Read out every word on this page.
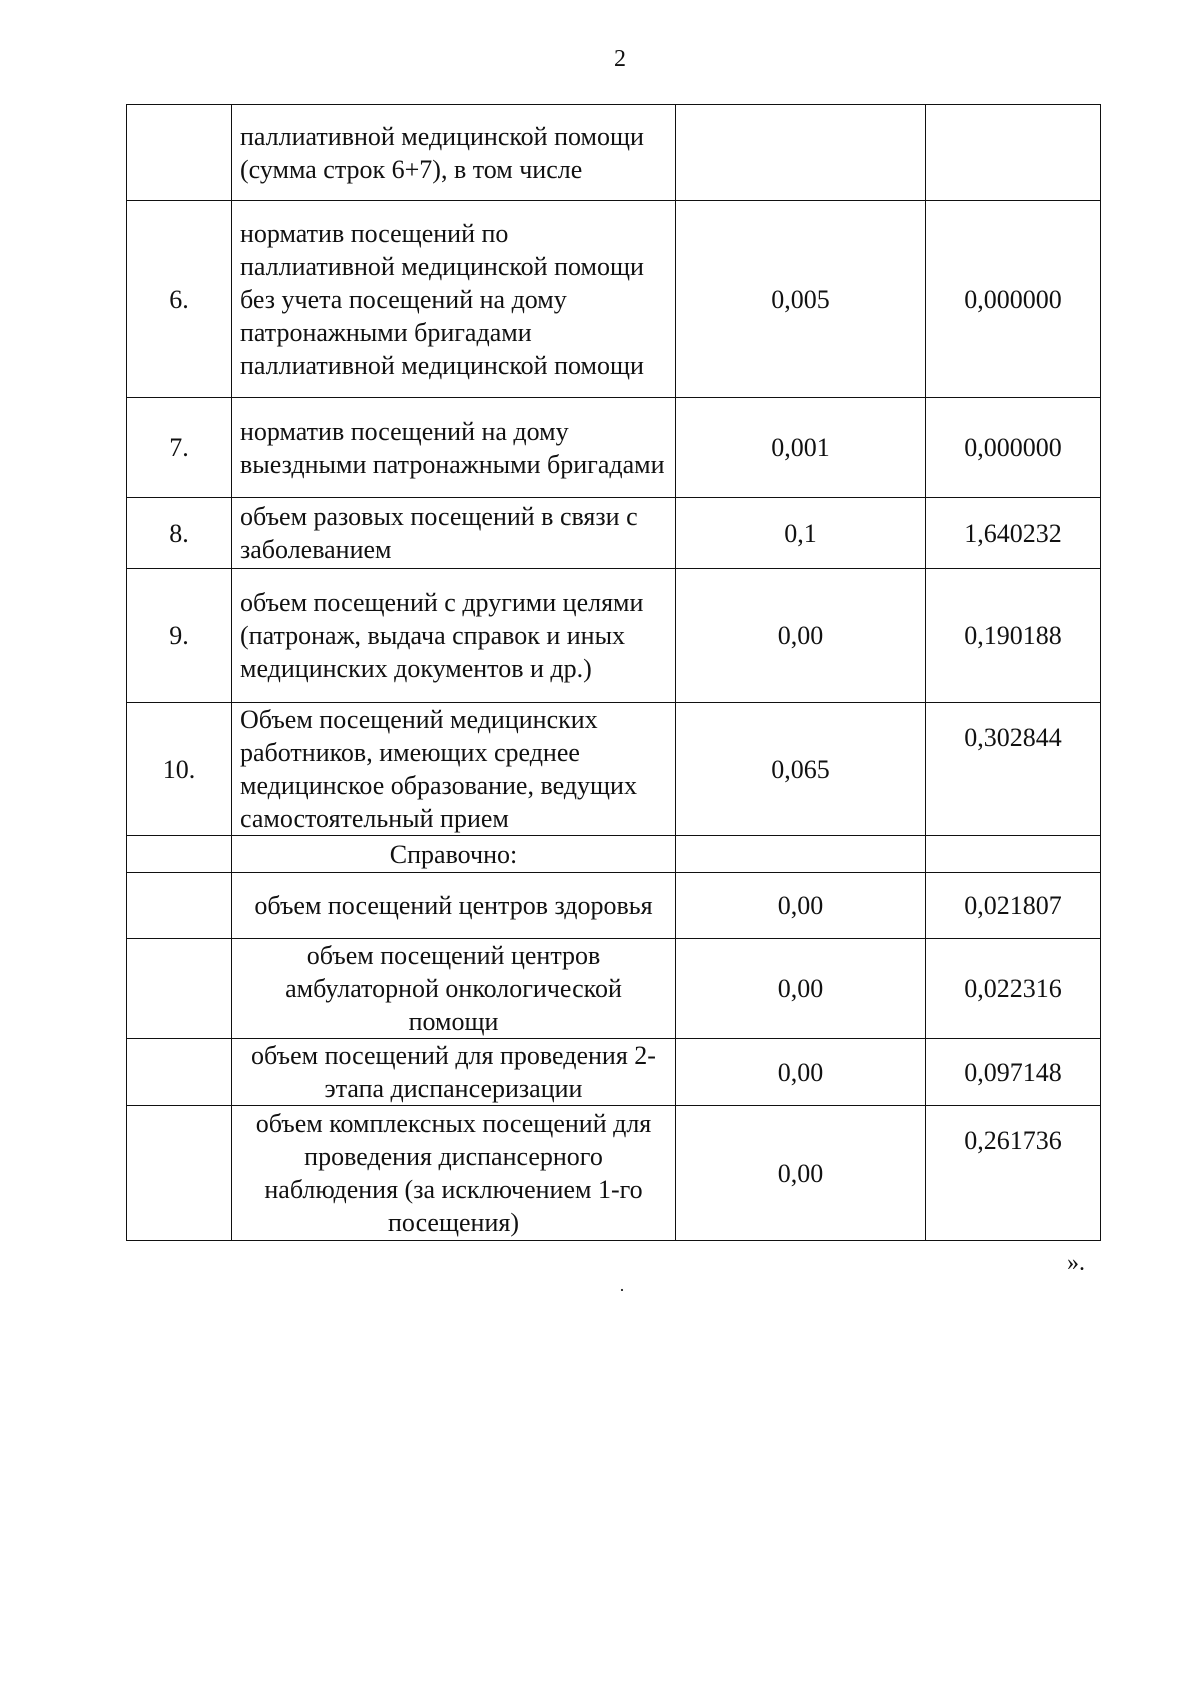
2
	паллиативной медицинской помощи (сумма строк 6+7), в том числе		
6.	норматив посещений по паллиативной медицинской помощи без учета посещений на дому патронажными бригадами паллиативной медицинской помощи	0,005	0,000000
7.	норматив посещений на дому выездными патронажными бригадами	0,001	0,000000
8.	объем разовых посещений в связи с заболеванием	0,1	1,640232
9.	объем посещений с другими целями (патронаж, выдача справок и иных медицинских документов и др.)	0,00	0,190188
10.	Объем посещений медицинских работников, имеющих среднее медицинское образование, ведущих самостоятельный прием	0,065	0,302844
	Справочно:		
	объем посещений центров здоровья	0,00	0,021807
	объем посещений центров амбулаторной онкологической помощи	0,00	0,022316
	объем посещений для проведения 2-этапа диспансеризации	0,00	0,097148
	объем комплексных посещений для проведения диспансерного наблюдения (за исключением 1-го посещения)	0,00	0,261736
».
·
